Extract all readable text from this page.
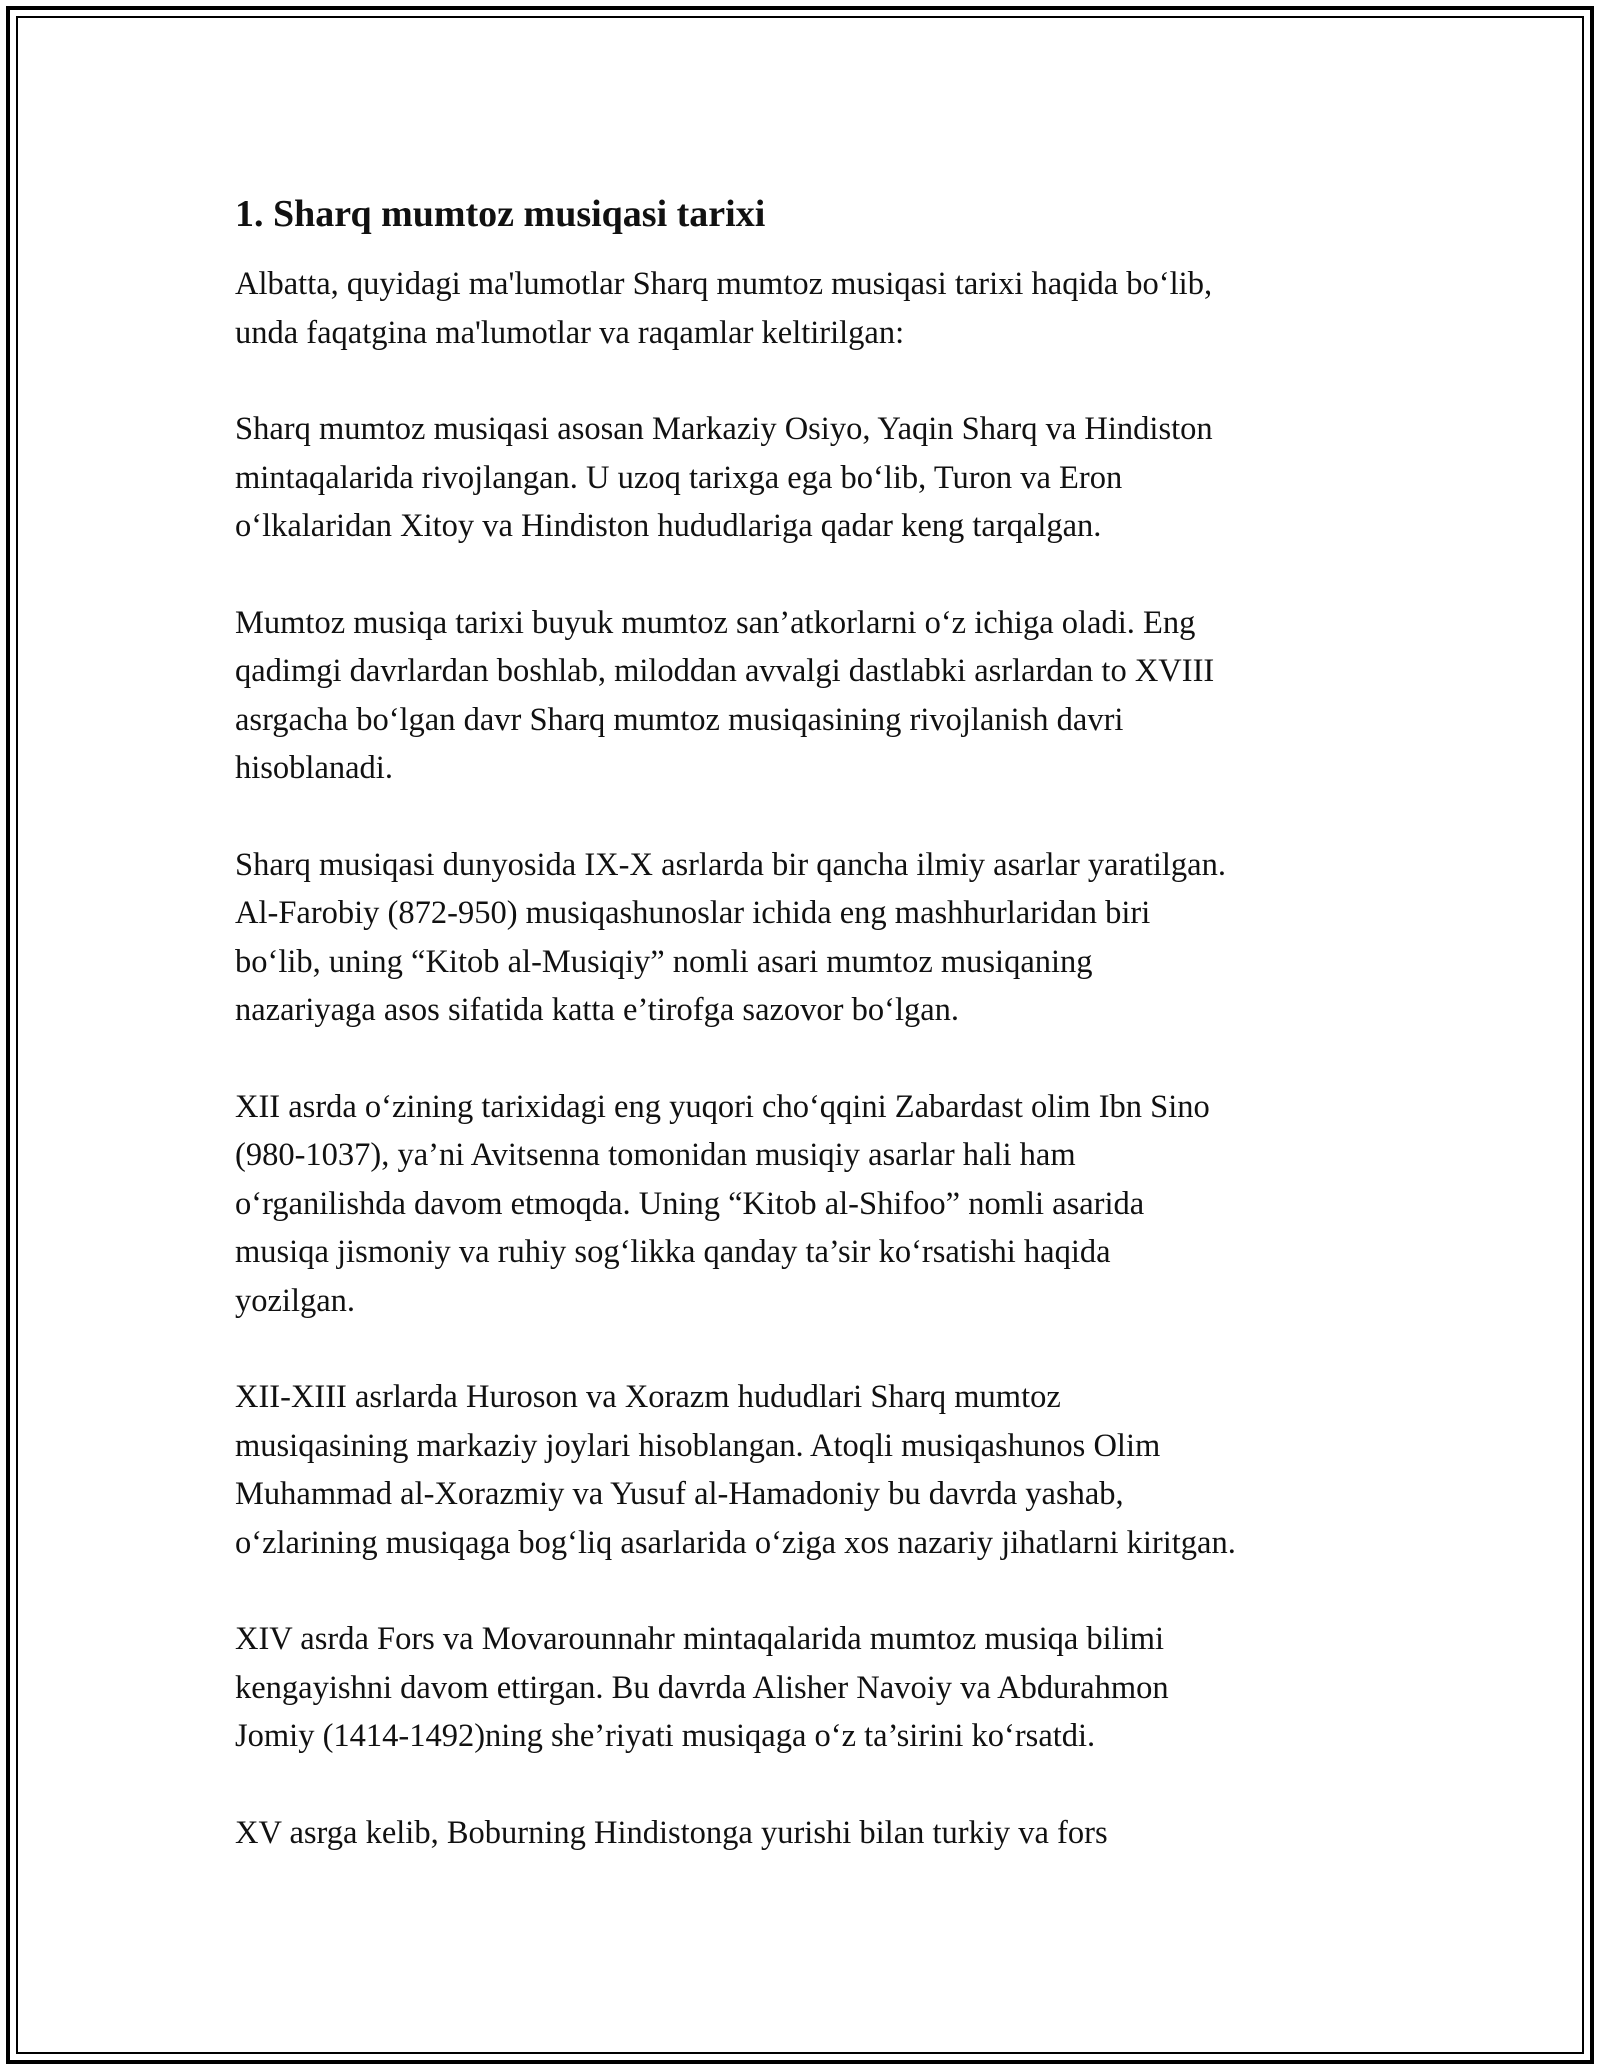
1. Sharq mumtoz musiqasi tarixi

Albatta, quyidagi ma'lumotlar Sharq mumtoz musiqasi tarixi haqida bo‘lib,
unda faqatgina ma'lumotlar va raqamlar keltirilgan:

Sharq mumtoz musiqasi asosan Markaziy Osiyo, Yaqin Sharq va Hindiston
mintaqalarida rivojlangan. U uzoq tarixga ega bo‘lib, Turon va Eron
o‘lkalaridan Xitoy va Hindiston hududlariga qadar keng tarqalgan.

Mumtoz musiqa tarixi buyuk mumtoz san’atkorlarni o‘z ichiga oladi. Eng
qadimgi davrlardan boshlab, miloddan avvalgi dastlabki asrlardan to XVIII
asrgacha bo‘lgan davr Sharq mumtoz musiqasining rivojlanish davri
hisoblanadi.

Sharq musiqasi dunyosida IX-X asrlarda bir qancha ilmiy asarlar yaratilgan.
Al-Farobiy (872-950) musiqashunoslar ichida eng mashhurlaridan biri
bo‘lib, uning “Kitob al-Musiqiy” nomli asari mumtoz musiqaning
nazariyaga asos sifatida katta e’tirofga sazovor bo‘lgan.

XII asrda o‘zining tarixidagi eng yuqori cho‘qqini Zabardast olim Ibn Sino
(980-1037), ya’ni Avitsenna tomonidan musiqiy asarlar hali ham
o‘rganilishda davom etmoqda. Uning “Kitob al-Shifoo” nomli asarida
musiqa jismoniy va ruhiy sog‘likka qanday ta’sir ko‘rsatishi haqida
yozilgan.

XII-XIII asrlarda Huroson va Xorazm hududlari Sharq mumtoz
musiqasining markaziy joylari hisoblangan. Atoqli musiqashunos Olim
Muhammad al-Xorazmiy va Yusuf al-Hamadoniy bu davrda yashab,
o‘zlarining musiqaga bog‘liq asarlarida o‘ziga xos nazariy jihatlarni kiritgan.

XIV asrda Fors va Movarounnahr mintaqalarida mumtoz musiqa bilimi
kengayishni davom ettirgan. Bu davrda Alisher Navoiy va Abdurahmon
Jomiy (1414-1492)ning she’riyati musiqaga o‘z ta’sirini ko‘rsatdi.

XV asrga kelib, Boburning Hindistonga yurishi bilan turkiy va fors
